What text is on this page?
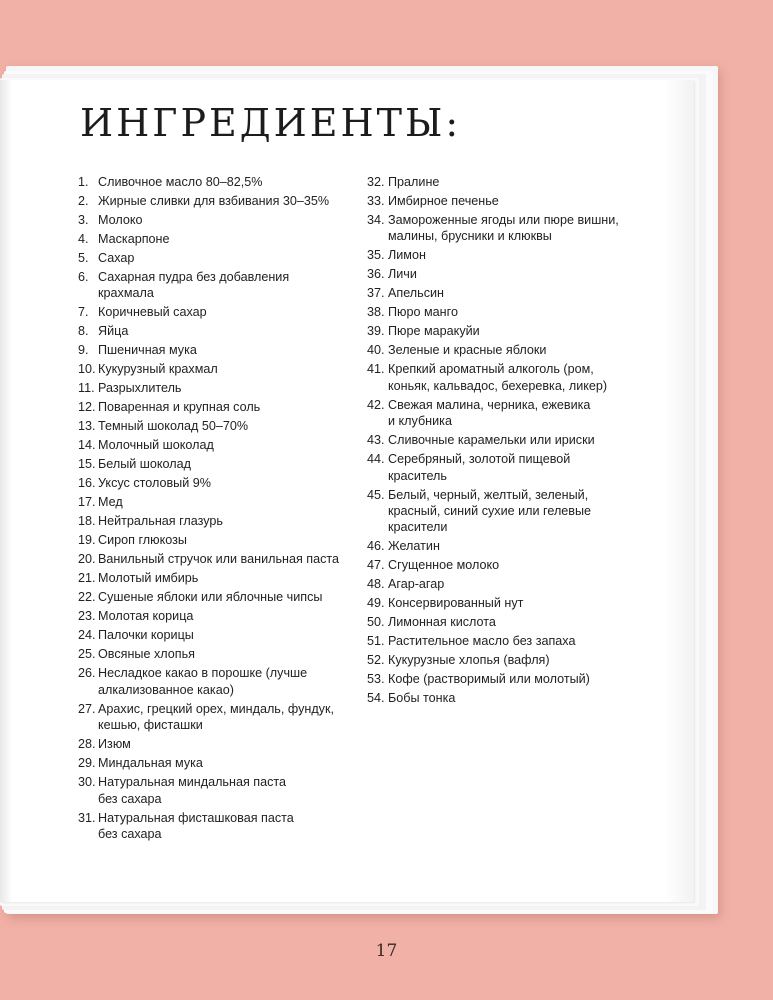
ИНГРЕДИЕНТЫ:
1. Сливочное масло 80–82,5%
2. Жирные сливки для взбивания 30–35%
3. Молоко
4. Маскарпоне
5. Сахар
6. Сахарная пудра без добавления
крахмала
7. Коричневый сахар
8. Яйца
9. Пшеничная мука
10. Кукурузный крахмал
11. Разрыхлитель
12. Поваренная и крупная соль
13. Темный шоколад 50–70%
14. Молочный шоколад
15. Белый шоколад
16. Уксус столовый 9%
17. Мед
18. Нейтральная глазурь
19. Сироп глюкозы
20. Ванильный стручок или ванильная паста
21. Молотый имбирь
22. Сушеные яблоки или яблочные чипсы
23. Молотая корица
24. Палочки корицы
25. Овсяные хлопья
26. Несладкое какао в порошке (лучше
алкализованное какао)
27. Арахис, грецкий орех, миндаль, фундук,
кешью, фисташки
28. Изюм
29. Миндальная мука
30. Натуральная миндальная паста
без сахара
31. Натуральная фисташковая паста
без сахара
32. Пралине
33. Имбирное печенье
34. Замороженные ягоды или пюре вишни,
малины, брусники и клюквы
35. Лимон
36. Личи
37. Апельсин
38. Пюро манго
39. Пюре маракуйи
40. Зеленые и красные яблоки
41. Крепкий ароматный алкоголь (ром,
коньяк, кальвадос, бехеревка, ликер)
42. Свежая малина, черника, ежевика
и клубника
43. Сливочные карамельки или ириски
44. Серебряный, золотой пищевой
краситель
45. Белый, черный, желтый, зеленый,
красный, синий сухие или гелевые
красители
46. Желатин
47. Сгущенное молоко
48. Агар-агар
49. Консервированный нут
50. Лимонная кислота
51. Растительное масло без запаха
52. Кукурузные хлопья (вафля)
53. Кофе (растворимый или молотый)
54. Бобы тонка
17
